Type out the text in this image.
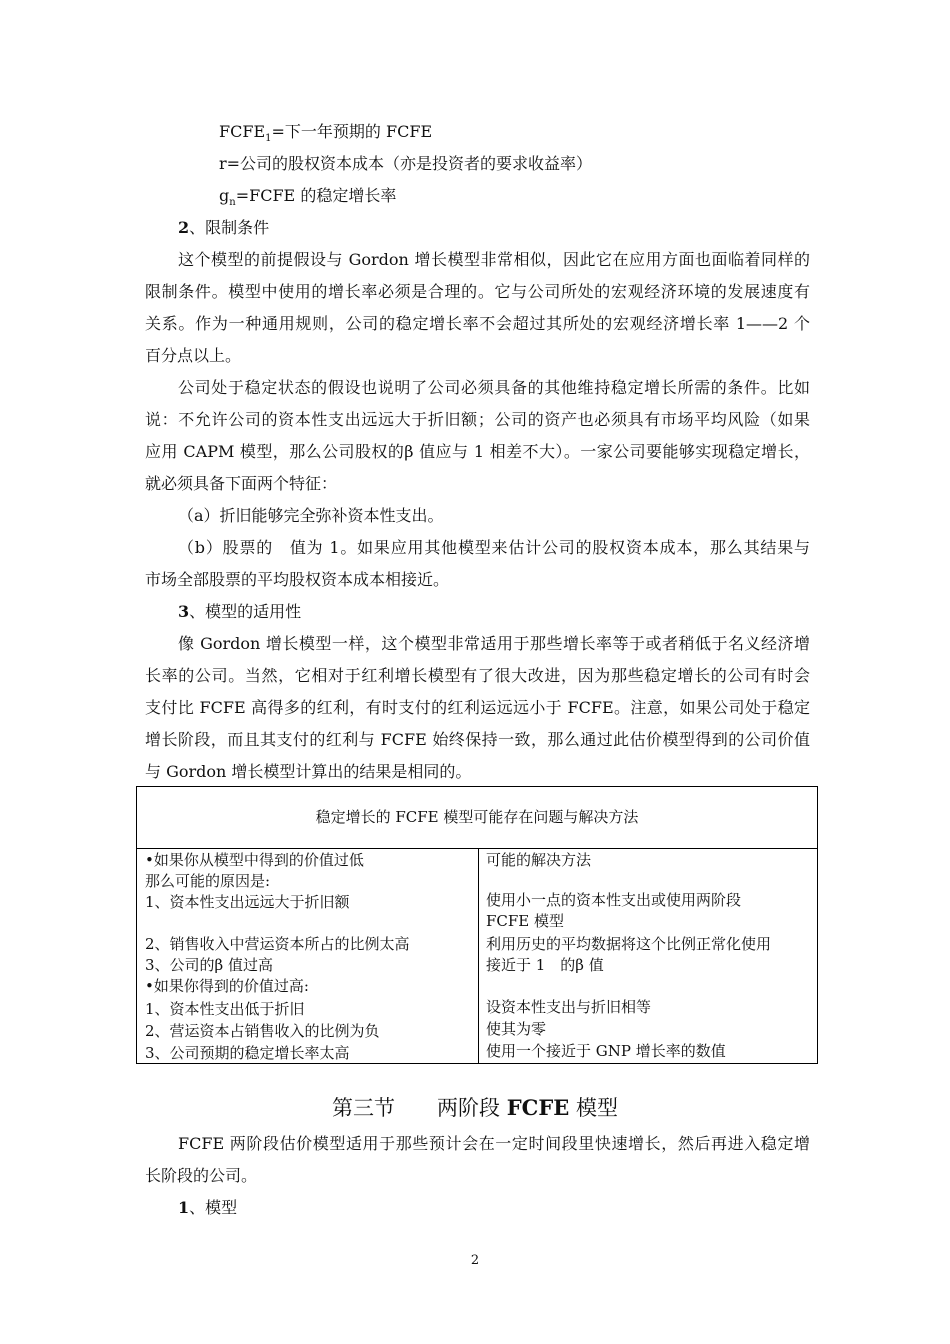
$FCFE_1=$下一年预期的 FCFE
r=公司的股权资本成本（亦是投资者的要求收益率）
$g_n=FCFE$ 的稳定增长率
2、限制条件
这个模型的前提假设与 Gordon 增长模型非常相似，因此它在应用方面也面临着同样的
限制条件。模型中使用的增长率必须是合理的。它与公司所处的宏观经济环境的发展速度有
关系。作为一种通用规则，公司的稳定增长率不会超过其所处的宏观经济增长率 1——2 个
百分点以上。
公司处于稳定状态的假设也说明了公司必须具备的其他维持稳定增长所需的条件。比如
说：不允许公司的资本性支出远远大于折旧额；公司的资产也必须具有市场平均风险（如果
应用 CAPM 模型，那么公司股权的β 值应与 1 相差不大）。一家公司要能够实现稳定增长，
就必须具备下面两个特征：
（a）折旧能够完全弥补资本性支出。
（b）股票的　值为 1。如果应用其他模型来估计公司的股权资本成本，那么其结果与
市场全部股票的平均股权资本成本相接近。
3、模型的适用性
像 Gordon 增长模型一样，这个模型非常适用于那些增长率等于或者稍低于名义经济增
长率的公司。当然，它相对于红利增长模型有了很大改进，因为那些稳定增长的公司有时会
支付比 FCFE 高得多的红利，有时支付的红利运远远小于 FCFE。注意，如果公司处于稳定
增长阶段，而且其支付的红利与 FCFE 始终保持一致，那么通过此估价模型得到的公司价值
与 Gordon 增长模型计算出的结果是相同的。
稳定增长的 FCFE 模型可能存在问题与解决方法
•如果你从模型中得到的价值过低
那么可能的原因是:
1、资本性支出远远大于折旧额
2、销售收入中营运资本所占的比例太高
3、公司的β 值过高
•如果你得到的价值过高:
1、资本性支出低于折旧
2、营运资本占销售收入的比例为负
3、公司预期的稳定增长率太高
可能的解决方法
使用小一点的资本性支出或使用两阶段
FCFE 模型
利用历史的平均数据将这个比例正常化使用
接近于 1　的β 值
设资本性支出与折旧相等
使其为零
使用一个接近于 GNP 增长率的数值
第三节　　两阶段 FCFE 模型
FCFE 两阶段估价模型适用于那些预计会在一定时间段里快速增长，然后再进入稳定增
长阶段的公司。
1、模型
2
